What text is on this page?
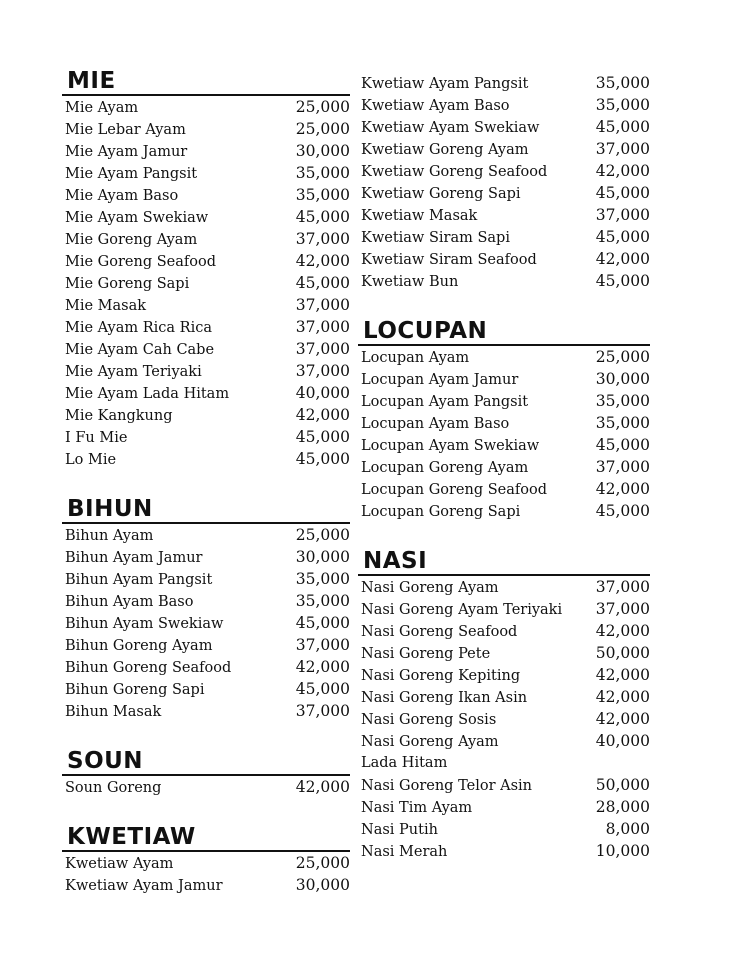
MIE
Mie Ayam	25,000
Mie Lebar Ayam	25,000
Mie Ayam Jamur	30,000
Mie Ayam Pangsit	35,000
Mie Ayam Baso	35,000
Mie Ayam Swekiaw	45,000
Mie Goreng Ayam	37,000
Mie Goreng Seafood	42,000
Mie Goreng Sapi	45,000
Mie Masak	37,000
Mie Ayam Rica Rica	37,000
Mie Ayam Cah Cabe	37,000
Mie Ayam Teriyaki	37,000
Mie Ayam Lada Hitam	40,000
Mie Kangkung	42,000
I Fu Mie	45,000
Lo Mie	45,000
BIHUN
Bihun Ayam	25,000
Bihun Ayam Jamur	30,000
Bihun Ayam Pangsit	35,000
Bihun Ayam Baso	35,000
Bihun Ayam Swekiaw	45,000
Bihun Goreng Ayam	37,000
Bihun Goreng Seafood	42,000
Bihun Goreng Sapi	45,000
Bihun Masak	37,000
SOUN
Soun Goreng	42,000
KWETIAW
Kwetiaw Ayam	25,000
Kwetiaw Ayam Jamur	30,000
Kwetiaw Ayam Pangsit	35,000
Kwetiaw Ayam Baso	35,000
Kwetiaw Ayam Swekiaw	45,000
Kwetiaw Goreng Ayam	37,000
Kwetiaw Goreng Seafood	42,000
Kwetiaw Goreng Sapi	45,000
Kwetiaw Masak	37,000
Kwetiaw Siram Sapi	45,000
Kwetiaw Siram Seafood	42,000
Kwetiaw Bun	45,000
LOCUPAN
Locupan Ayam	25,000
Locupan Ayam Jamur	30,000
Locupan Ayam Pangsit	35,000
Locupan Ayam Baso	35,000
Locupan Ayam Swekiaw	45,000
Locupan Goreng Ayam	37,000
Locupan Goreng Seafood	42,000
Locupan Goreng Sapi	45,000
NASI
Nasi Goreng Ayam	37,000
Nasi Goreng Ayam Teriyaki 37,000
Nasi Goreng Seafood	42,000
Nasi Goreng Pete	50,000
Nasi Goreng Kepiting	42,000
Nasi Goreng Ikan Asin	42,000
Nasi Goreng Sosis	42,000
Nasi Goreng Ayam	40,000
Lada Hitam
Nasi Goreng Telor Asin	50,000
Nasi Tim Ayam	28,000
Nasi Putih	8,000
Nasi Merah	10,000
